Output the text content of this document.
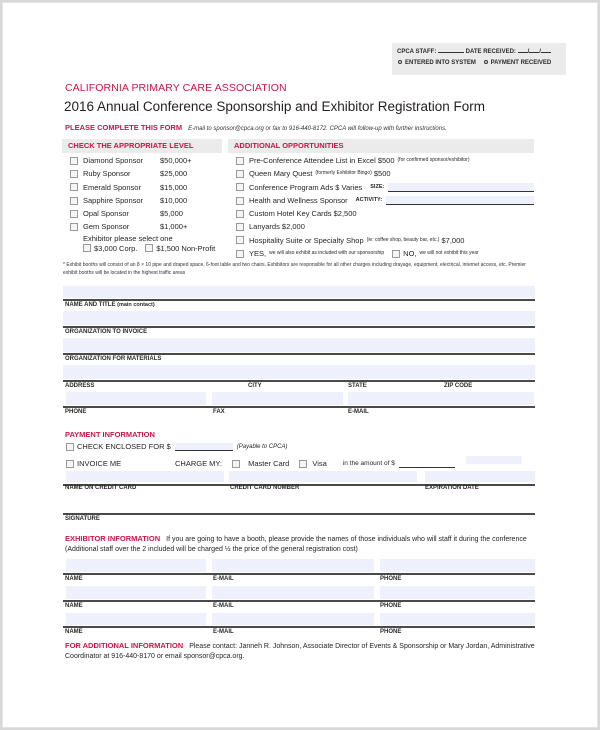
CPCA STAFF:	DATE RECEIVED: / /
ENTERED INTO SYSTEM PAYMENT RECEIVED
CALIFORNIA PRIMARY CARE ASSOCIATION
2016 Annual Conference Sponsorship and Exhibitor Registration Form
PLEASE COMPLETE THIS FORM E-mail to sponsor@cpca.org or fax to 916-440-8172. CPCA will follow-up with further instructions.
CHECK THE APPROPRIATE LEVEL
Diamond Sponsor	$50,000+
Ruby Sponsor	$25,000
Emerald Sponsor	$15,000
Sapphire Sponsor	$10,000
Opal Sponsor	$5,000
Gem Sponsor	$1,000+
Exhibitor please select one
$3,000 Corp.	$1,500 Non-Profit
ADDITIONAL OPPORTUNITIES
Pre-Conference Attendee List in Excel $500 (for confirmed sponsor/exhibitor)
Queen Mary Quest (formerly Exhibitor Bingo)
$500
Conference Program Ads $ Varies SIZE:
Health and Wellness Sponsor ACTIVITY:
Custom Hotel Key Cards $2,500
Lanyards $2,000
Hospitality Suite or Specialty Shop (ie: coffee shop, beauty bar, etc.)
$7,000
YES, we will also exhibit as included with our sponsorship	NO, we will not exhibit this year
* Exhibit booths will consist of an 8 × 10 pipe and draped space, 6-foot table and two chairs. Exhibitors are responsible for all other charges including drayage, equipment, electrical, internet access, etc. Premier exhibit booths will be located in the highest traffic areas
NAME AND TITLE (main contact)
ORGANIZATION TO INVOICE
ORGANIZATION FOR MATERIALS
ADDRESS	CITY	STATE	ZIP CODE
PHONE	FAX	E-MAIL
PAYMENT INFORMATION
CHECK ENCLOSED FOR $	(Payable to CPCA)
INVOICE ME	CHARGE MY:	Master Card	Visa in the amount of $
NAME ON CREDIT CARD	CREDIT CARD NUMBER	EXPIRATION DATE
SIGNATURE
EXHIBITOR INFORMATION If you are going to have a booth, please provide the names of those individuals who will staff it during the conference (Additional staff over the 2 included will be charged ½ the price of the general registration cost)
NAME	E-MAIL	PHONE
NAME	E-MAIL	PHONE
NAME	E-MAIL	PHONE
FOR ADDITIONAL INFORMATION Please contact: Janneh R. Johnson, Associate Director of Events & Sponsorship or Mary Jordan, Administrative Coordinator at 916-440-8170 or email sponsor@cpca.org.
